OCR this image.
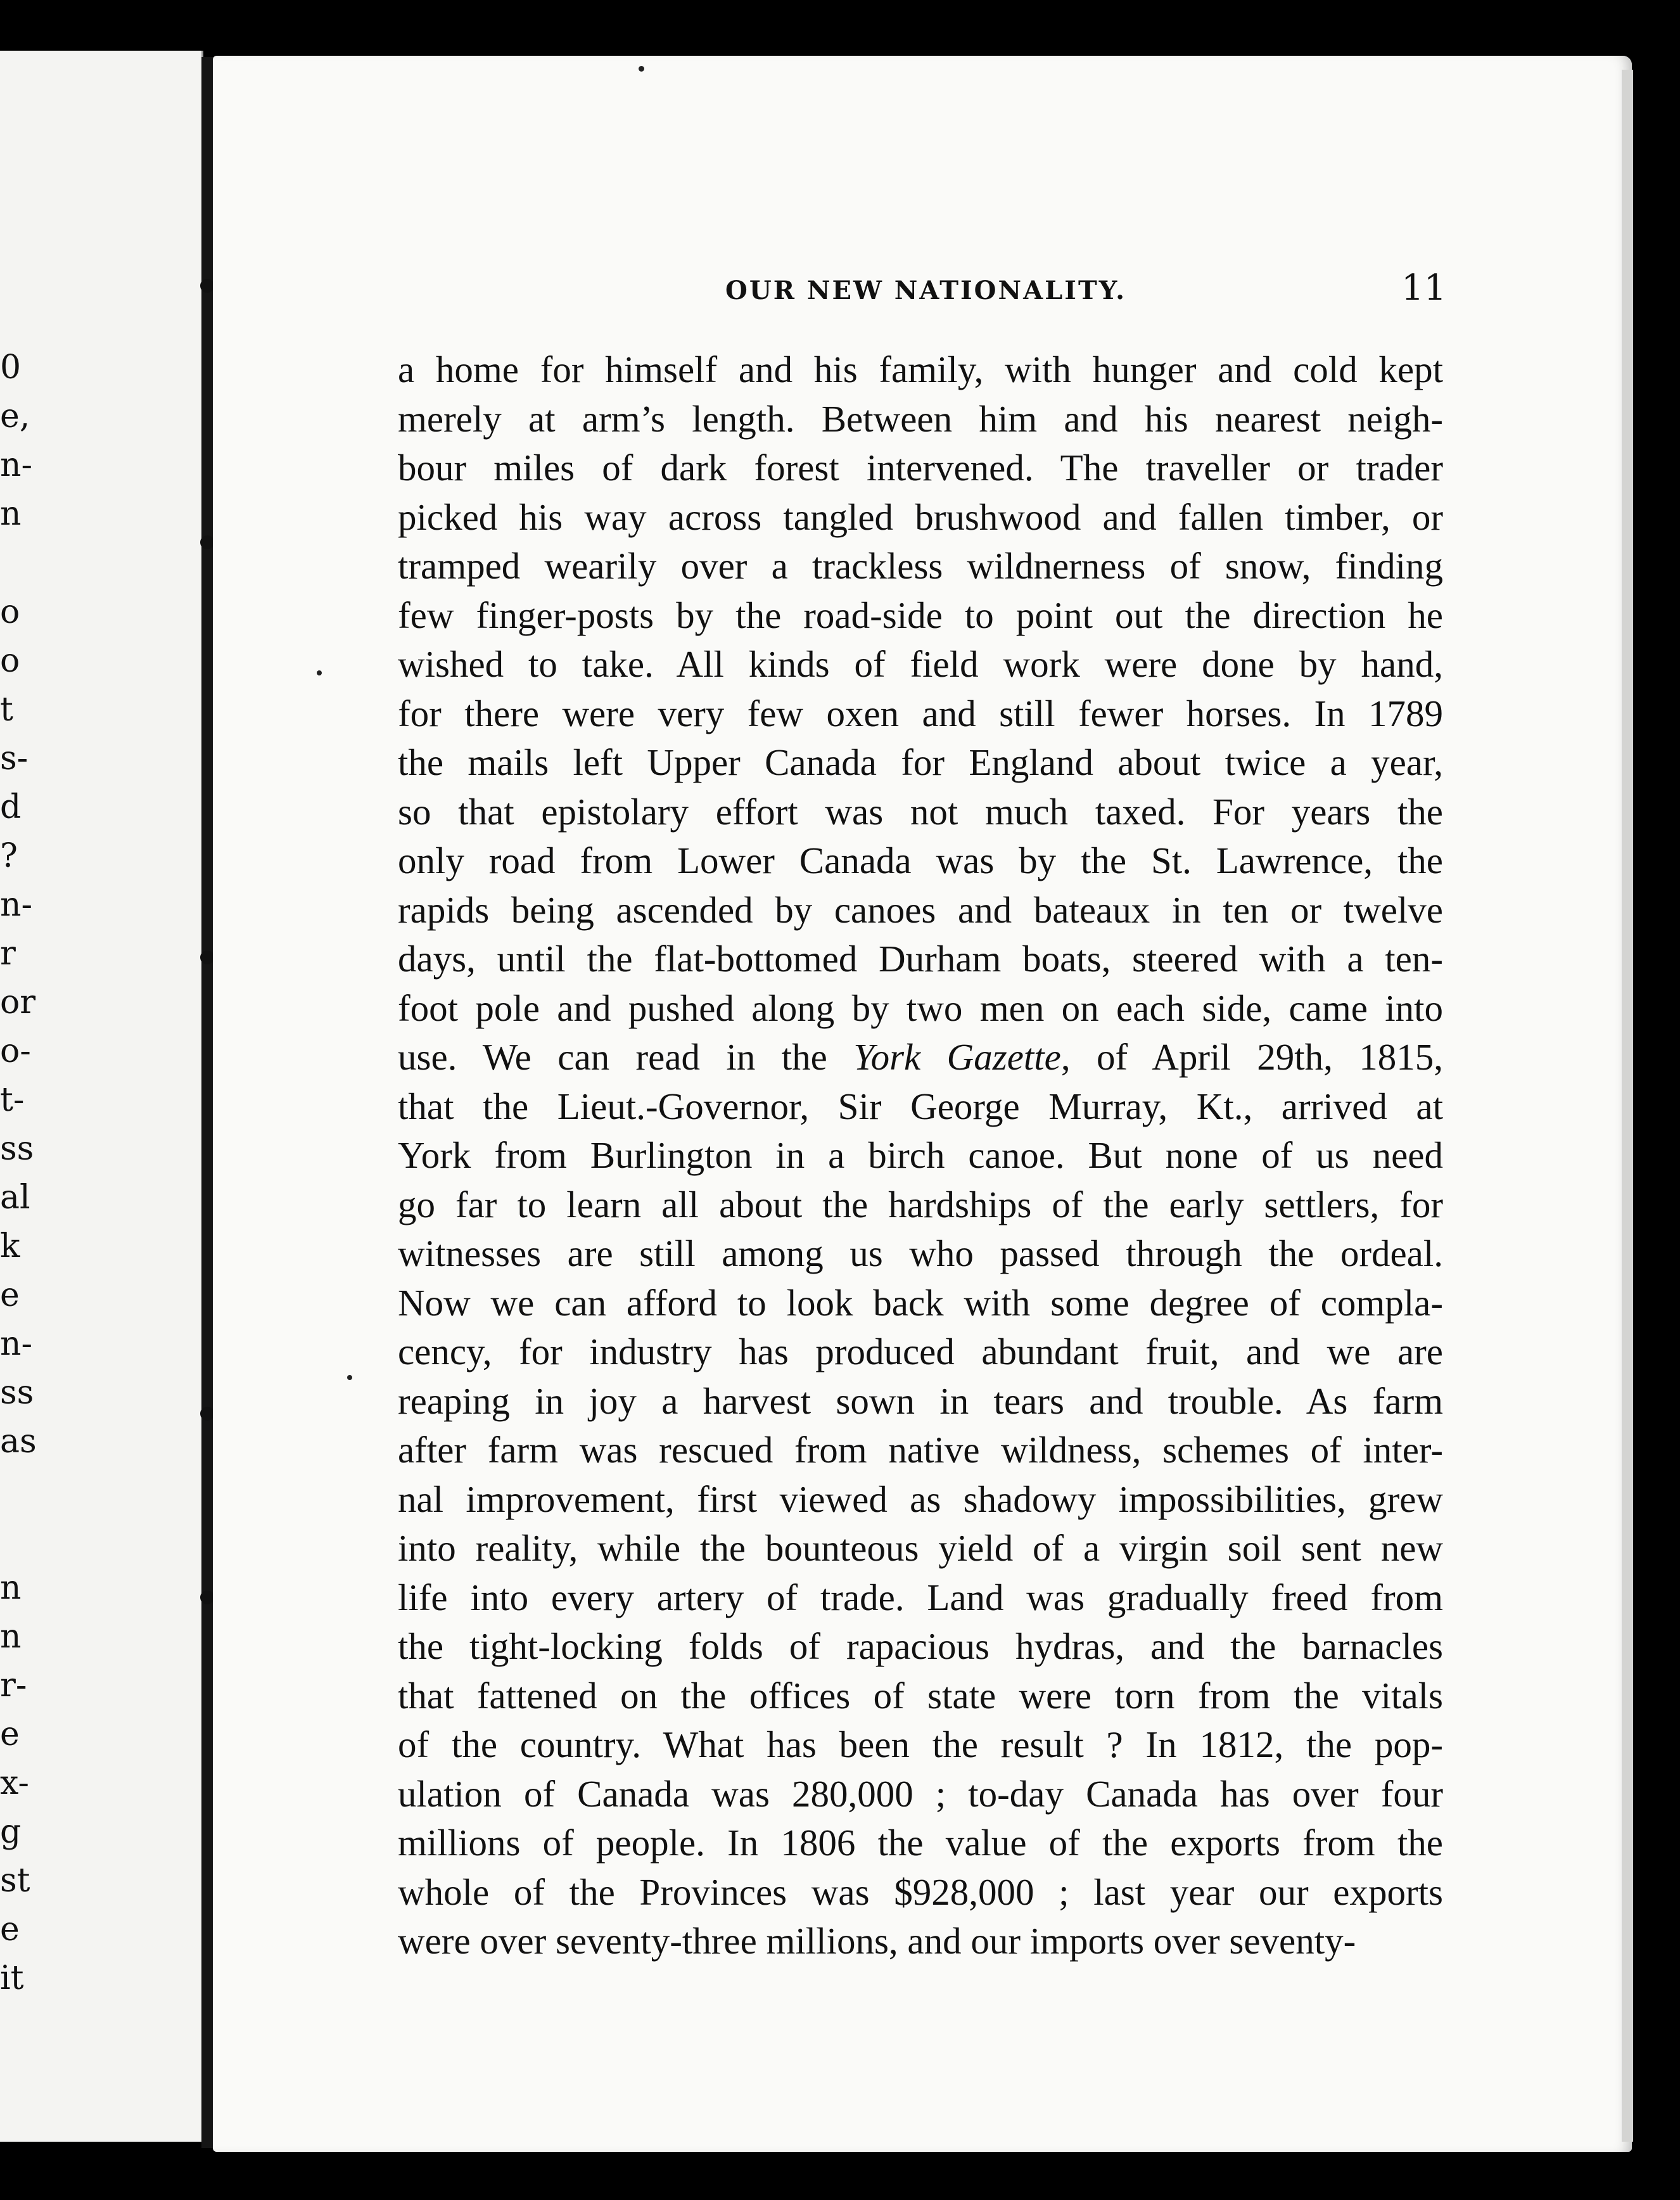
0
e,
n-
n
o
o
t
s-
d
?
n-
r
or
o-
t-
ss
al
k
e
n-
ss
as
n
n
r-
e
x-
g
st
e
it
OUR NEW NATIONALITY.	11
a home for himself and his family, with hunger and cold kept
merely at arm’s length. Between him and his nearest neigh-
bour miles of dark forest intervened. The traveller or trader
picked his way across tangled brushwood and fallen timber, or
tramped wearily over a trackless wildnerness of snow, finding
few finger-posts by the road-side to point out the direction he
wished to take. All kinds of field work were done by hand,
for there were very few oxen and still fewer horses. In 1789
the mails left Upper Canada for England about twice a year,
so that epistolary effort was not much taxed. For years the
only road from Lower Canada was by the St. Lawrence, the
rapids being ascended by canoes and bateaux in ten or twelve
days, until the flat-bottomed Durham boats, steered with a ten-
foot pole and pushed along by two men on each side, came into
use. We can read in the York Gazette, of April 29th, 1815,
that the Lieut.-Governor, Sir George Murray, Kt., arrived at
York from Burlington in a birch canoe. But none of us need
go far to learn all about the hardships of the early settlers, for
witnesses are still among us who passed through the ordeal.
Now we can afford to look back with some degree of compla-
cency, for industry has produced abundant fruit, and we are
reaping in joy a harvest sown in tears and trouble. As farm
after farm was rescued from native wildness, schemes of inter-
nal improvement, first viewed as shadowy impossibilities, grew
into reality, while the bounteous yield of a virgin soil sent new
life into every artery of trade. Land was gradually freed from
the tight-locking folds of rapacious hydras, and the barnacles
that fattened on the offices of state were torn from the vitals
of the country. What has been the result ? In 1812, the pop-
ulation of Canada was 280,000 ; to-day Canada has over four
millions of people. In 1806 the value of the exports from the
whole of the Provinces was $928,000 ; last year our exports
were over seventy-three millions, and our imports over seventy-
